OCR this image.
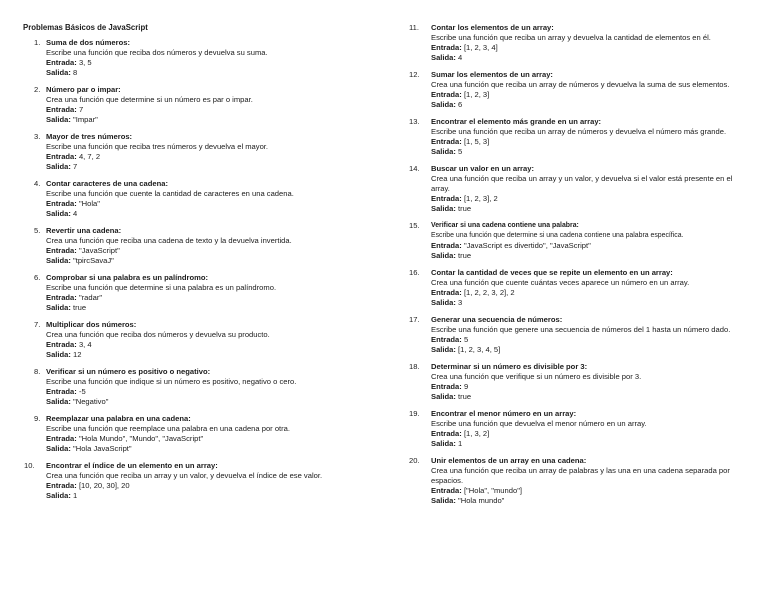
Problemas Básicos de JavaScript
1. Suma de dos números:
Escribe una función que reciba dos números y devuelva su suma.
Entrada: 3, 5
Salida: 8
2. Número par o impar:
Crea una función que determine si un número es par o impar.
Entrada: 7
Salida: "Impar"
3. Mayor de tres números:
Escribe una función que reciba tres números y devuelva el mayor.
Entrada: 4, 7, 2
Salida: 7
4. Contar caracteres de una cadena:
Escribe una función que cuente la cantidad de caracteres en una cadena.
Entrada: "Hola"
Salida: 4
5. Revertir una cadena:
Crea una función que reciba una cadena de texto y la devuelva invertida.
Entrada: "JavaScript"
Salida: "tpircSavaJ"
6. Comprobar si una palabra es un palíndromo:
Escribe una función que determine si una palabra es un palíndromo.
Entrada: "radar"
Salida: true
7. Multiplicar dos números:
Crea una función que reciba dos números y devuelva su producto.
Entrada: 3, 4
Salida: 12
8. Verificar si un número es positivo o negativo:
Escribe una función que indique si un número es positivo, negativo o cero.
Entrada: -5
Salida: "Negativo"
9. Reemplazar una palabra en una cadena:
Escribe una función que reemplace una palabra en una cadena por otra.
Entrada: "Hola Mundo", "Mundo", "JavaScript"
Salida: "Hola JavaScript"
10.	Encontrar el índice de un elemento en un array:
Crea una función que reciba un array y un valor, y devuelva el índice de ese valor.
Entrada: [10, 20, 30], 20
Salida: 1
11.	Contar los elementos de un array:
Escribe una función que reciba un array y devuelva la cantidad de elementos en él.
Entrada: [1, 2, 3, 4]
Salida: 4
12.	Sumar los elementos de un array:
Crea una función que reciba un array de números y devuelva la suma de sus elementos.
Entrada: [1, 2, 3]
Salida: 6
13.	Encontrar el elemento más grande en un array:
Escribe una función que reciba un array de números y devuelva el número más grande.
Entrada: [1, 5, 3]
Salida: 5
14.	Buscar un valor en un array:
Crea una función que reciba un array y un valor, y devuelva si el valor está presente en el array.
Entrada: [1, 2, 3], 2
Salida: true
15.	Verificar si una cadena contiene una palabra:
Escribe una función que determine si una cadena contiene una palabra específica.
Entrada: "JavaScript es divertido", "JavaScript"
Salida: true
16.	Contar la cantidad de veces que se repite un elemento en un array:
Crea una función que cuente cuántas veces aparece un número en un array.
Entrada: [1, 2, 2, 3, 2], 2
Salida: 3
17.	Generar una secuencia de números:
Escribe una función que genere una secuencia de números del 1 hasta un número dado.
Entrada: 5
Salida: [1, 2, 3, 4, 5]
18.	Determinar si un número es divisible por 3:
Crea una función que verifique si un número es divisible por 3.
Entrada: 9
Salida: true
19.	Encontrar el menor número en un array:
Escribe una función que devuelva el menor número en un array.
Entrada: [1, 3, 2]
Salida: 1
20.	Unir elementos de un array en una cadena:
Crea una función que reciba un array de palabras y las una en una cadena separada por espacios.
Entrada: ["Hola", "mundo"]
Salida: "Hola mundo"
